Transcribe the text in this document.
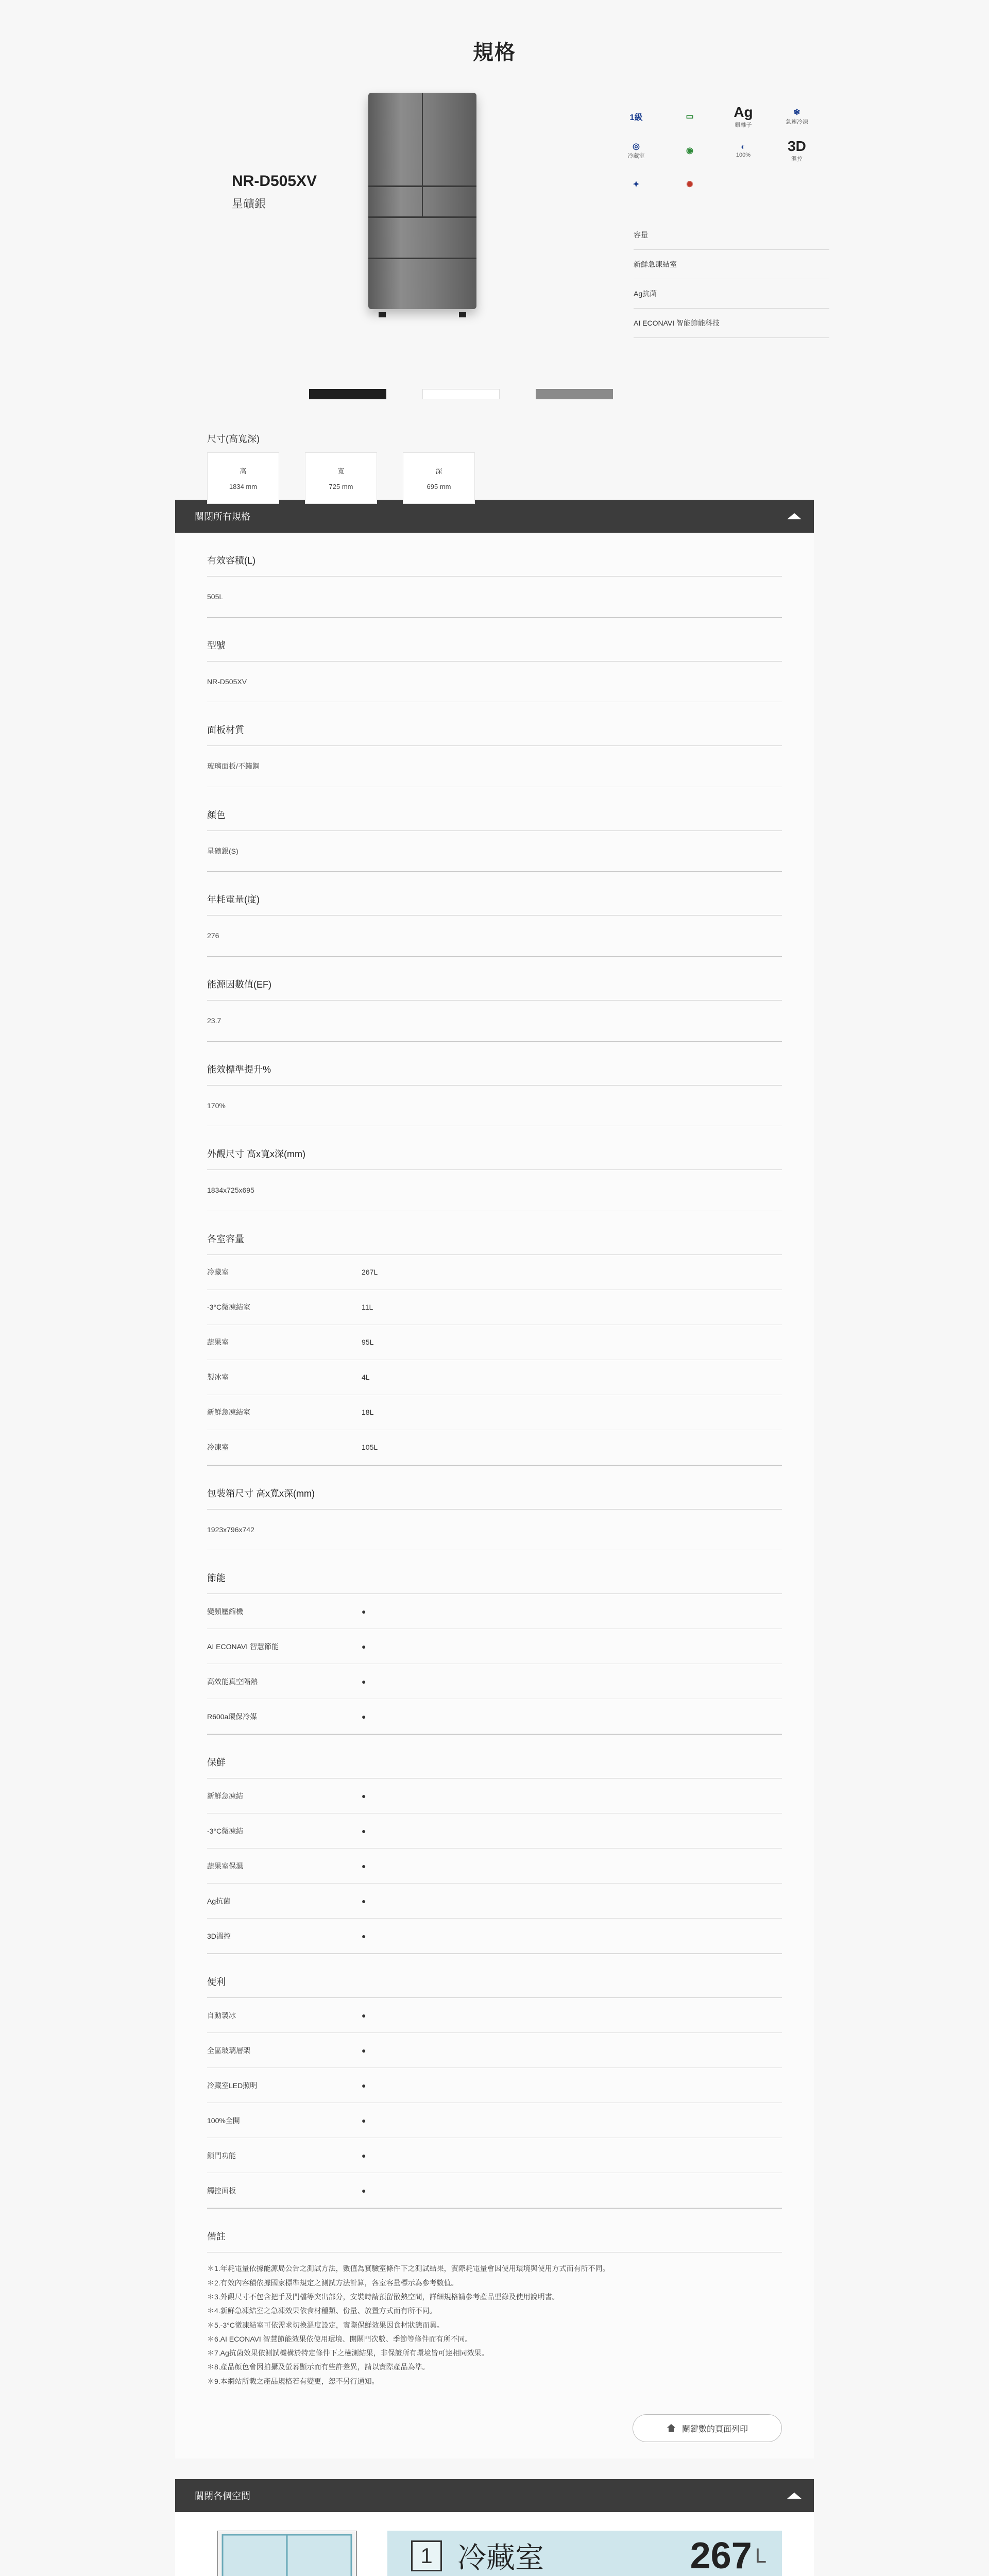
規格
NR-D505XV
星礦銀
1級	▭	Ag
銀離子
❄
急速冷凍
◎
冷藏室
◉	◐
100%
3D
溫控
✦	✺
容量
新鮮急凍結室
Ag抗菌
AI ECONAVI 智能節能科技
尺寸(高寬深)
高
1834 mm
寬
725 mm
深
695 mm
關閉所有規格
有效容積(L)
505L
型號
NR-D505XV
面板材質
玻璃面板/不鏽鋼
顏色
星礦銀(S)
年耗電量(度)
276
能源因數值(EF)
23.7
能效標準提升%
170%
外觀尺寸 高x寬x深(mm)
1834x725x695
各室容量
冷藏室	267L
-3°C微凍結室	11L
蔬果室	95L
製冰室	4L
新鮮急凍結室	18L
冷凍室	105L
包裝箱尺寸 高x寬x深(mm)
1923x796x742
節能
變頻壓縮機	●
AI ECONAVI 智慧節能	●
高效能真空隔熱	●
R600a環保冷媒	●
保鮮
新鮮急凍結	●
-3°C微凍結	●
蔬果室保濕	●
Ag抗菌	●
3D溫控	●
便利
自動製冰	●
全區玻璃層架	●
冷藏室LED照明	●
100%全開	●
鎖門功能	●
觸控面板	●
備註
＊1.年耗電量依據能源局公告之測試方法，數值為實驗室條件下之測試結果，實際耗電量會因使用環境與使用方式而有所不同。
＊2.有效內容積依據國家標準規定之測試方法計算，各室容量標示為參考數值。
＊3.外觀尺寸不包含把手及門檔等突出部分，安裝時請預留散熱空間，詳細規格請參考產品型錄及使用說明書。
＊4.新鮮急凍結室之急凍效果依食材種類、份量、放置方式而有所不同。
＊5.-3°C微凍結室可依需求切換溫度設定，實際保鮮效果因食材狀態而異。
＊6.AI ECONAVI 智慧節能效果依使用環境、開關門次數、季節等條件而有所不同。
＊7.Ag抗菌效果依測試機構於特定條件下之檢測結果，非保證所有環境皆可達相同效果。
＊8.產品顏色會因拍攝及螢幕顯示而有些許差異，請以實際產品為準。
＊9.本網站所載之產品規格若有變更，恕不另行通知。
關鍵數的頁面列印
關閉各個空間
1 冷藏室	267 L
